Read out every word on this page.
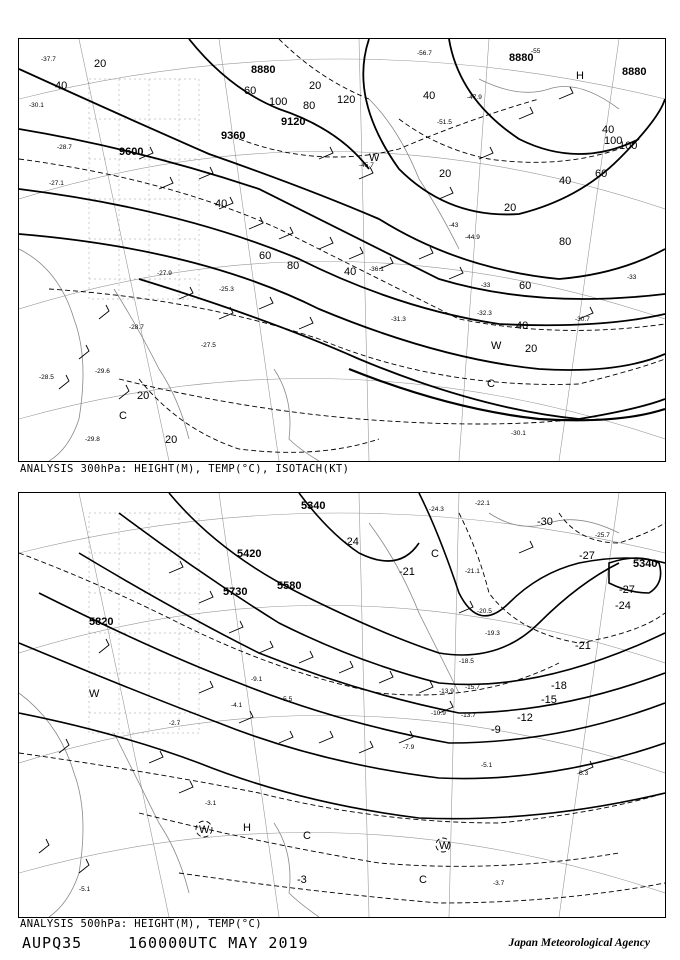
8880
9120
9360
9600
8880
8880
20
40	60
80
100	120
20
40
60
80
100
20
40
20
40
60
80
100
40
20
60
40
20
20
40
-37.7
-30.1
-28.7
-27.1
-25.3
-27.9
-28.7
-27.5
-28.5
-29.8
-29.6
-33
-36.1
-31.3
-32.3
-30.7
-30.1
-45.7
-47.9
-51.5
-43
-44.9
-33
-56.7	-55
W
C
W
C
H
ANALYSIS 300hPa: HEIGHT(M), TEMP(°C), ISOTACH(KT)
5340
5420
5580
5730
5820
5340
-30
-27
-24
-21
-18
-15
-12
-9
-3
-24
-27
-21
-24.3
-21.1
-20.5
-15.7
-13.7
-10.9
-7.9
-5.1
-6.3
-3.7
-3.1
-9.1
-5.1
-2.7
-4.1
-5.5
-13.9
-18.5
-19.3
-22.1
-25.7
W
W	H
C
C
W
C
ANALYSIS 500hPa: HEIGHT(M), TEMP(°C)
AUPQ35	160000UTC MAY 2019	Japan Meteorological Agency
